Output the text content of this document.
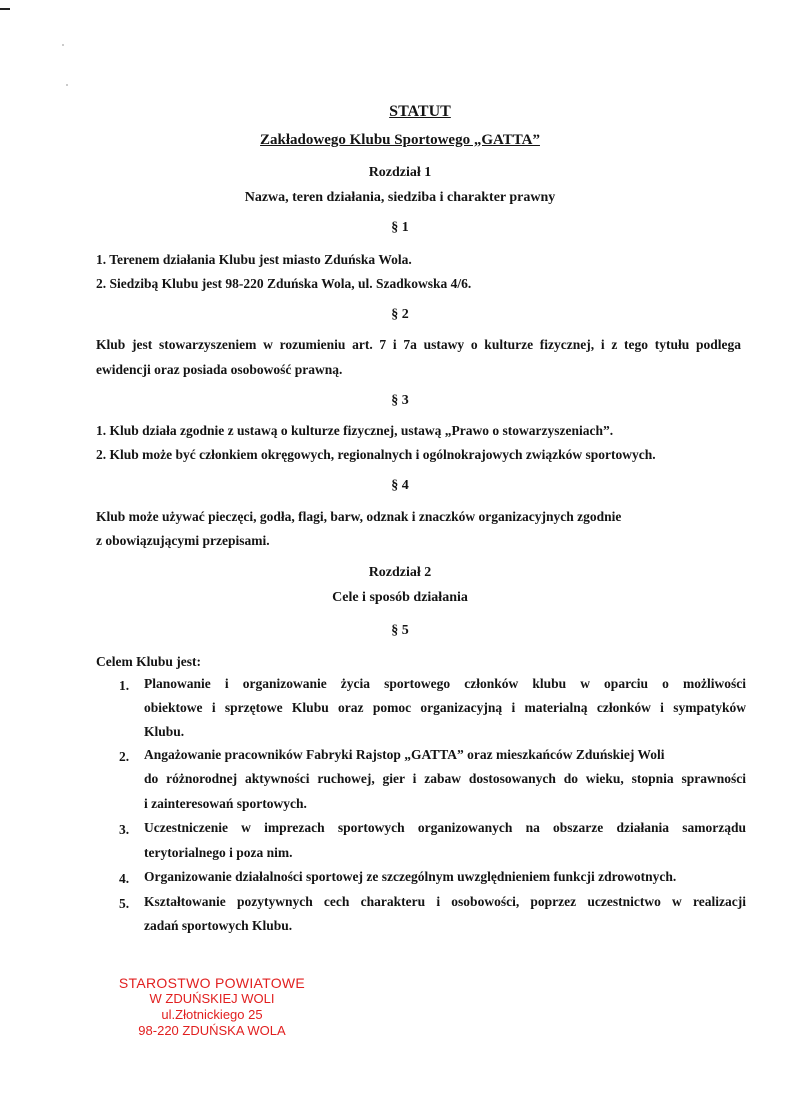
STATUT
Zakładowego Klubu Sportowego „GATTA”
Rozdział 1
Nazwa, teren działania, siedziba i charakter prawny
§ 1
1. Terenem działania Klubu jest miasto Zduńska Wola.
2. Siedzibą Klubu jest 98-220 Zduńska Wola, ul. Szadkowska 4/6.
§ 2
Klub jest stowarzyszeniem w rozumieniu art. 7 i 7a ustawy o kulturze fizycznej, i z tego tytułu podlega
ewidencji oraz posiada osobowość prawną.
§ 3
1. Klub działa zgodnie z ustawą o kulturze fizycznej, ustawą „Prawo o stowarzyszeniach”.
2. Klub może być członkiem okręgowych, regionalnych i ogólnokrajowych związków sportowych.
§ 4
Klub może używać pieczęci, godła, flagi, barw, odznak i znaczków organizacyjnych zgodnie
z obowiązującymi przepisami.
Rozdział 2
Cele i sposób działania
§ 5
Celem Klubu jest:
1. Planowanie i organizowanie życia sportowego członków klubu w oparciu o możliwości
obiektowe i sprzętowe Klubu oraz pomoc organizacyjną i materialną członków i sympatyków
Klubu.
2. Angażowanie pracowników Fabryki Rajstop „GATTA” oraz mieszkańców Zduńskiej Woli
do różnorodnej aktywności ruchowej, gier i zabaw dostosowanych do wieku, stopnia sprawności
i zainteresowań sportowych.
3. Uczestniczenie w imprezach sportowych organizowanych na obszarze działania samorządu
terytorialnego i poza nim.
4. Organizowanie działalności sportowej ze szczególnym uwzględnieniem funkcji zdrowotnych.
5. Kształtowanie pozytywnych cech charakteru i osobowości, poprzez uczestnictwo w realizacji
zadań sportowych Klubu.
STAROSTWO POWIATOWE
W ZDUŃSKIEJ WOLI
ul.Złotnickiego 25
98-220 ZDUŃSKA WOLA
